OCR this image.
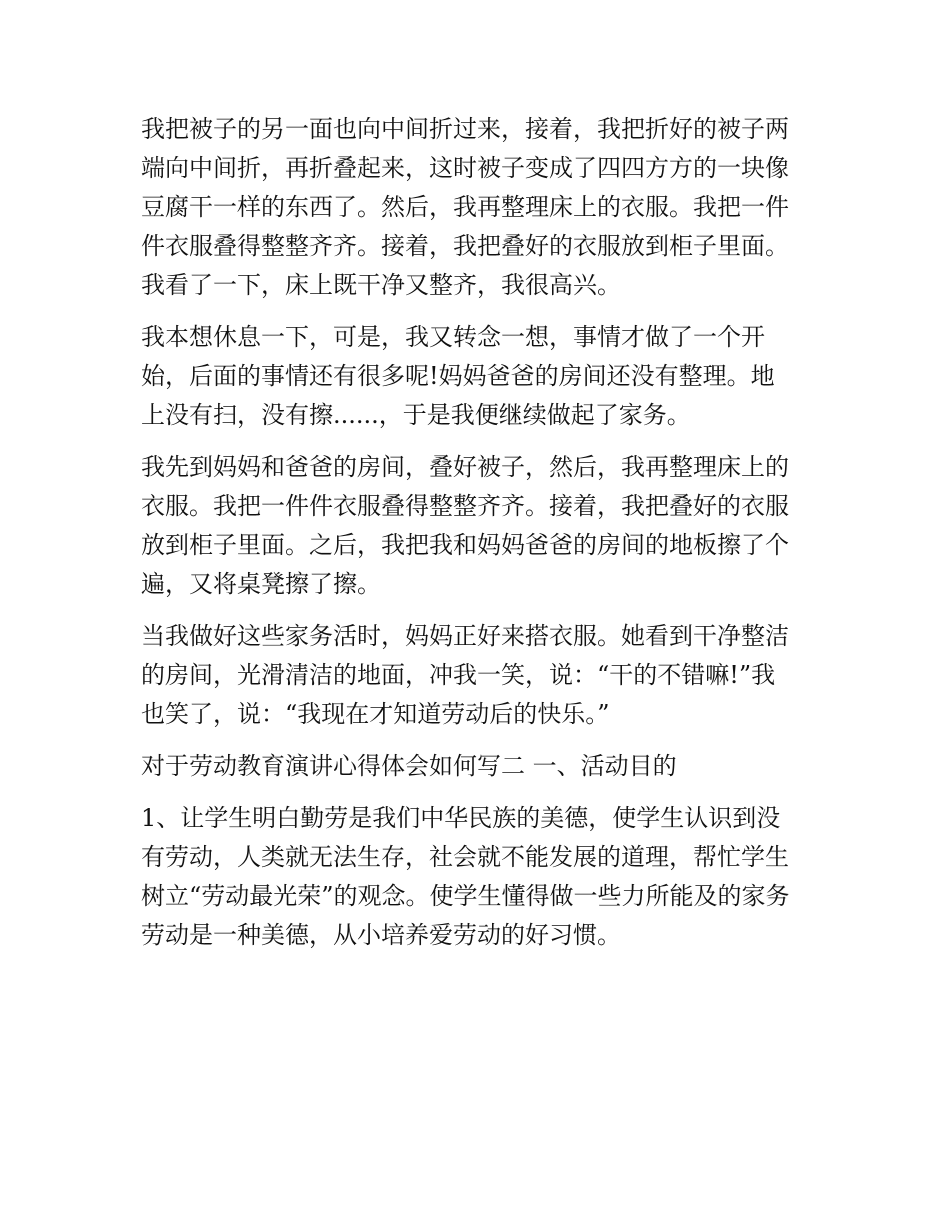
我把被子的另一面也向中间折过来，接着，我把折好的被子两
端向中间折，再折叠起来，这时被子变成了四四方方的一块像
豆腐干一样的东西了。然后，我再整理床上的衣服。我把一件
件衣服叠得整整齐齐。接着，我把叠好的衣服放到柜子里面。
我看了一下，床上既干净又整齐，我很高兴。
我本想休息一下，可是，我又转念一想，事情才做了一个开
始，后面的事情还有很多呢!妈妈爸爸的房间还没有整理。地
上没有扫，没有擦......，于是我便继续做起了家务。
我先到妈妈和爸爸的房间，叠好被子，然后，我再整理床上的
衣服。我把一件件衣服叠得整整齐齐。接着，我把叠好的衣服
放到柜子里面。之后，我把我和妈妈爸爸的房间的地板擦了个
遍，又将桌凳擦了擦。
当我做好这些家务活时，妈妈正好来搭衣服。她看到干净整洁
的房间，光滑清洁的地面，冲我一笑，说：“干的不错嘛!”我
也笑了，说：“我现在才知道劳动后的快乐。”
对于劳动教育演讲心得体会如何写二 一、活动目的
1、让学生明白勤劳是我们中华民族的美德，使学生认识到没
有劳动，人类就无法生存，社会就不能发展的道理，帮忙学生
树立“劳动最光荣”的观念。使学生懂得做一些力所能及的家务
劳动是一种美德，从小培养爱劳动的好习惯。
